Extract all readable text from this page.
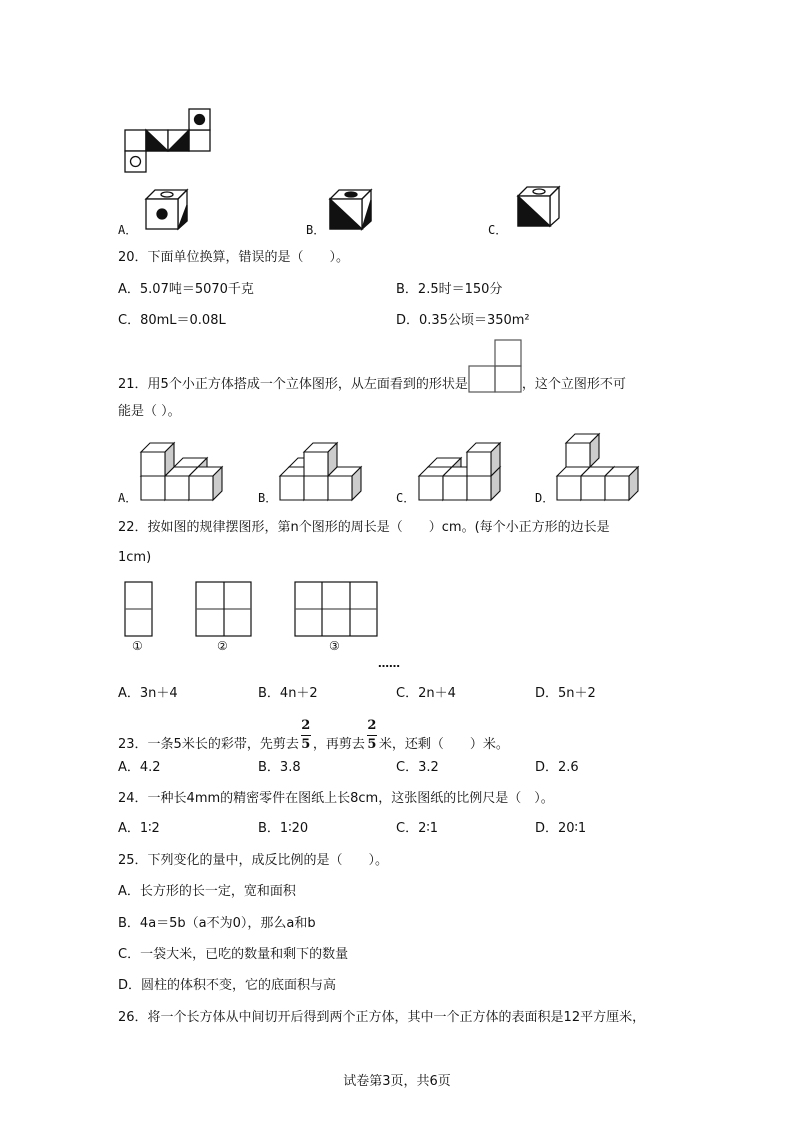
A．	B．	C．
20．下面单位换算，错误的是（　　）。
A．5.07吨＝5070千克	B．2.5时＝150分
C．80mL＝0.08L	D．0.35公顷＝350m²
21．用5个小正方体搭成一个立体图形，从左面看到的形状是	，这个立图形不可
能是（ ）。
A．	B．	C．	D．
22．按如图的规律摆图形，第n个图形的周长是（　　）cm。(每个小正方形的边长是
1cm)
①	②	③
……
A．3n＋4	B．4n＋2	C．2n＋4	D．5n＋2
23．一条5米长的彩带，先剪去 $\frac{2}{5}$ ，再剪去 $\frac{2}{5}$ 米，还剩（　　）米。
A．4.2	B．3.8	C．3.2	D．2.6
24．一种长4mm的精密零件在图纸上长8cm，这张图纸的比例尺是（　）。
A．1∶2	B．1∶20	C．2∶1	D．20∶1
25．下列变化的量中，成反比例的是（　　）。
A．长方形的长一定，宽和面积
B．4a＝5b（a不为0），那么a和b
C．一袋大米，已吃的数量和剩下的数量
D．圆柱的体积不变，它的底面积与高
26．将一个长方体从中间切开后得到两个正方体，其中一个正方体的表面积是12平方厘米，
试卷第3页，共6页
